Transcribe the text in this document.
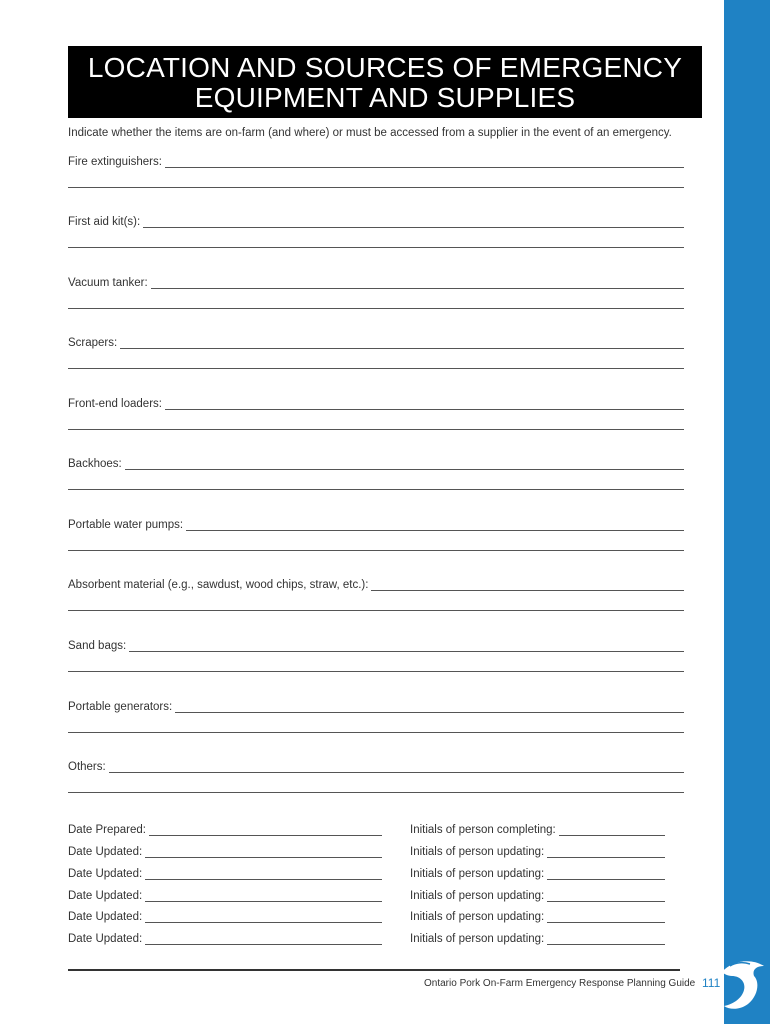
LOCATION AND SOURCES OF EMERGENCY
EQUIPMENT AND SUPPLIES
Indicate whether the items are on-farm (and where) or must be accessed from a supplier in the event of an emergency.
Fire extinguishers:
First aid kit(s):
Vacuum tanker:
Scrapers:
Front-end loaders:
Backhoes:
Portable water pumps:
Absorbent material (e.g., sawdust, wood chips, straw, etc.):
Sand bags:
Portable generators:
Others:
Date Prepared:	Initials of person completing:
Date Updated:	Initials of person updating:
Date Updated:	Initials of person updating:
Date Updated:	Initials of person updating:
Date Updated:	Initials of person updating:
Date Updated:	Initials of person updating:
Ontario Pork On-Farm Emergency Response Planning Guide 111
